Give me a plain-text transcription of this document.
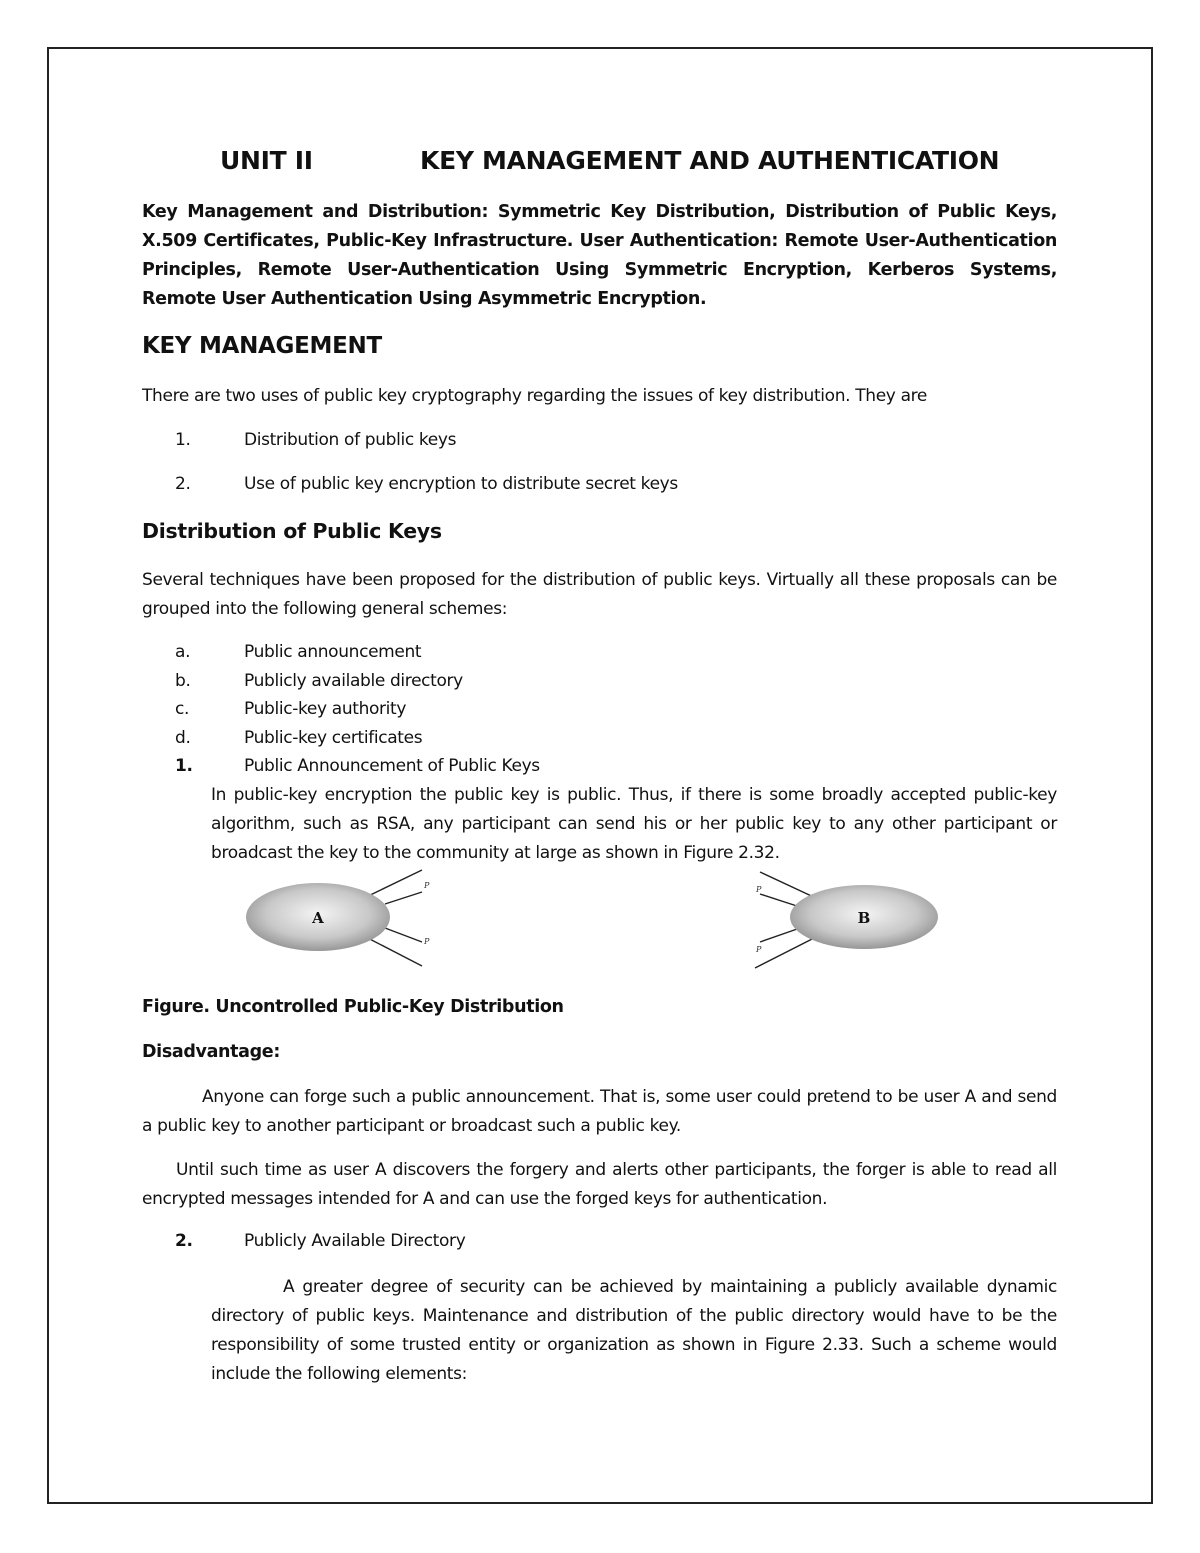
UNIT II	KEY MANAGEMENT AND AUTHENTICATION

Key Management and Distribution: Symmetric Key Distribution, Distribution of Public Keys, X.509 Certificates, Public-Key Infrastructure. User Authentication: Remote User-Authentication Principles, Remote User-Authentication Using Symmetric Encryption, Kerberos Systems, Remote User Authentication Using Asymmetric Encryption.

KEY MANAGEMENT

There are two uses of public key cryptography regarding the issues of key distribution. They are

1.	Distribution of public keys
2.	Use of public key encryption to distribute secret keys
Distribution of Public Keys

Several techniques have been proposed for the distribution of public keys. Virtually all these proposals can be grouped into the following general schemes:

a.	Public announcement
b.	Publicly available directory
c.	Public-key authority
d.	Public-key certificates
1.	Public Announcement of Public Keys

In public-key encryption the public key is public. Thus, if there is some broadly accepted public-key algorithm, such as RSA, any participant can send his or her public key to any other participant or broadcast the key to the community at large as shown in Figure 2.32.

P
P
P
P
A	B
Figure. Uncontrolled Public-Key Distribution
Disadvantage:

Anyone can forge such a public announcement. That is, some user could pretend to be user A and send a public key to another participant or broadcast such a public key.

Until such time as user A discovers the forgery and alerts other participants, the forger is able to read all encrypted messages intended for A and can use the forged keys for authentication.

2.	Publicly Available Directory

A greater degree of security can be achieved by maintaining a publicly available dynamic directory of public keys. Maintenance and distribution of the public directory would have to be the responsibility of some trusted entity or organization as shown in Figure 2.33. Such a scheme would include the following elements:
